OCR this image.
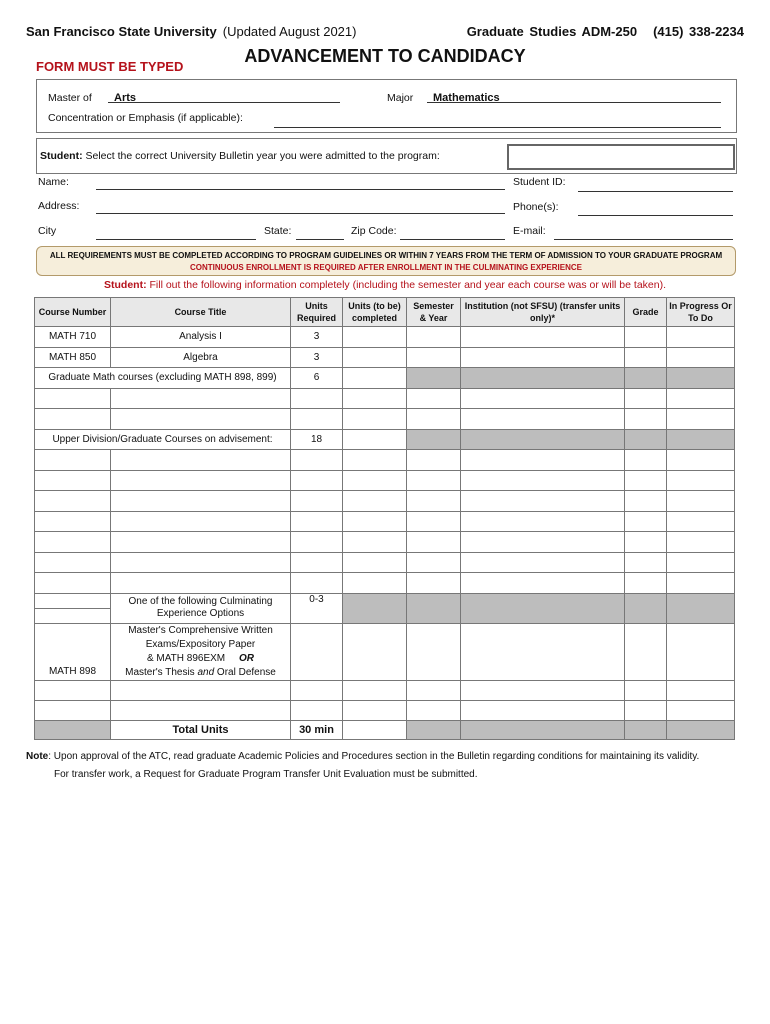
San Francisco State University (Updated August 2021)	Graduate Studies ADM-250 (415) 338-2234
FORM MUST BE TYPED
ADVANCEMENT TO CANDIDACY
Master of	Arts	Major	Mathematics
Concentration or Emphasis (if applicable):
Student: Select the correct University Bulletin year you were admitted to the program:
Name:	Student ID:
Address:	Phone(s):
City	State:	Zip Code:	E-mail:
ALL REQUIREMENTS MUST BE COMPLETED ACCORDING TO PROGRAM GUIDELINES OR WITHIN 7 YEARS FROM THE TERM OF ADMISSION TO YOUR GRADUATE PROGRAM
CONTINUOUS ENROLLMENT IS REQUIRED AFTER ENROLLMENT IN THE CULMINATING EXPERIENCE
Student: Fill out the following information completely (including the semester and year each course was or will be taken).
Course Number	Course Title	Units Required	Units (to be) completed	Semester & Year	Institution (not SFSU) (transfer units only)*	Grade	In Progress Or To Do
MATH 710	Analysis I	3					
MATH 850	Algebra	3					
Graduate Math courses (excluding MATH 898, 899)		6					

Upper Division/Graduate Courses on advisement:		18					

	One of the following Culminating Experience Options	0-3					

MATH 898	Master's Comprehensive Written Exams/Expository Paper
& MATH 896EXM OR
Master's Thesis and Oral Defense						

	Total Units	30 min					
Note: Upon approval of the ATC, read graduate Academic Policies and Procedures section in the Bulletin regarding conditions for maintaining its validity.
For transfer work, a Request for Graduate Program Transfer Unit Evaluation must be submitted.
